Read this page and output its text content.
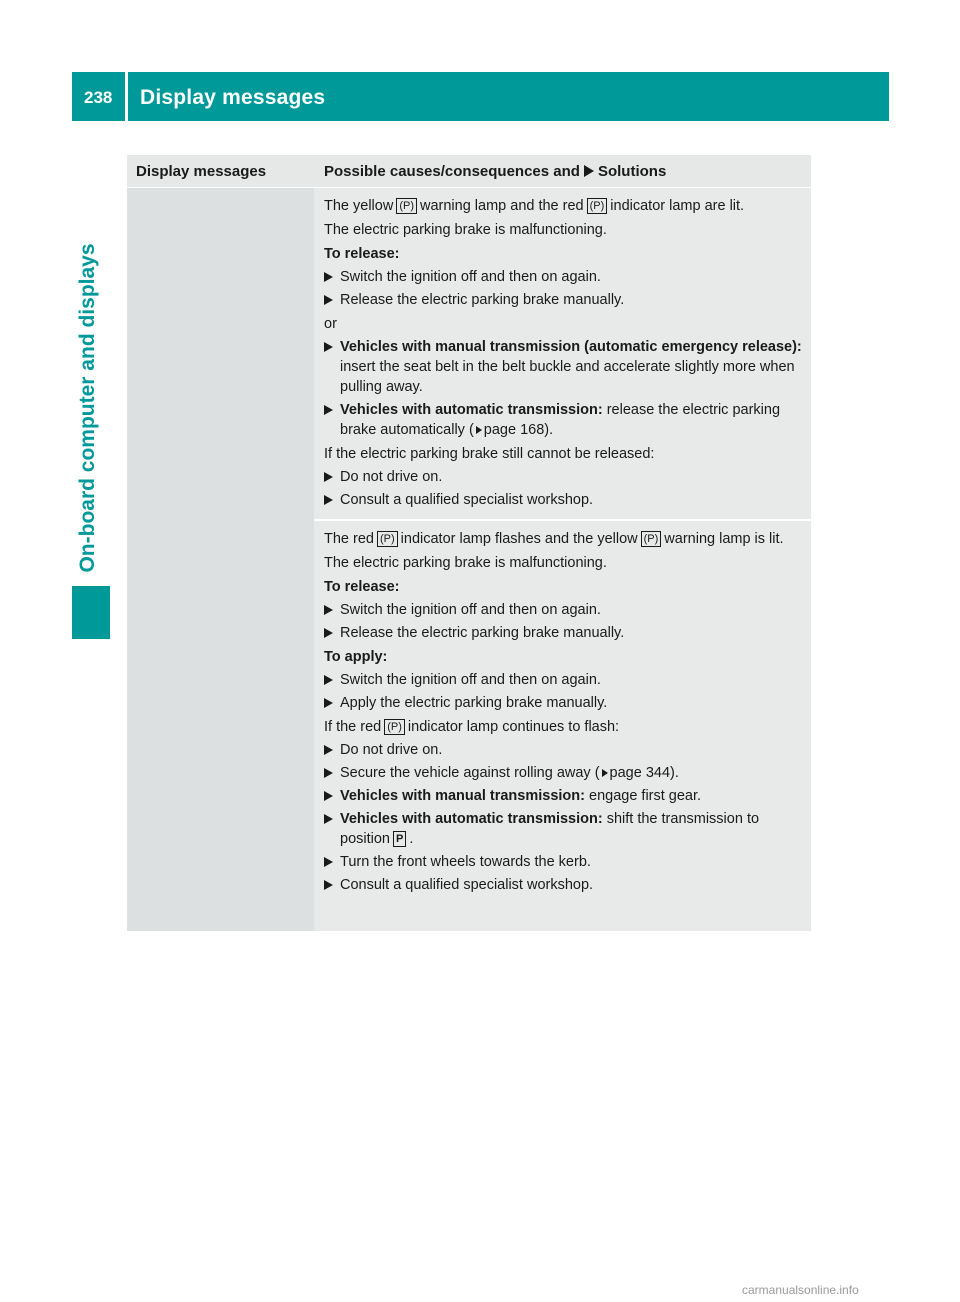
238 Display messages
On-board computer and displays
Display messages	Possible causes/consequences and Solutions

The yellow (P) warning lamp and the red (P) indicator lamp are lit.

The electric parking brake is malfunctioning.

To release:

Switch the ignition off and then on again.
Release the electric parking brake manually.

or

Vehicles with manual transmission (automatic emergency release): insert the seat belt in the belt buckle and accelerate slightly more when pulling away.
Vehicles with automatic transmission: release the electric parking brake automatically ( page 168).

If the electric parking brake still cannot be released:

Do not drive on.
Consult a qualified specialist workshop.

The red (P) indicator lamp flashes and the yellow (P) warning lamp is lit.

The electric parking brake is malfunctioning.

To release:

Switch the ignition off and then on again.
Release the electric parking brake manually.

To apply:

Switch the ignition off and then on again.
Apply the electric parking brake manually.

If the red (P) indicator lamp continues to flash:

Do not drive on.
Secure the vehicle against rolling away ( page 344).
Vehicles with manual transmission: engage first gear.
Vehicles with automatic transmission: shift the transmission to position P .
Turn the front wheels towards the kerb.
Consult a qualified specialist workshop.
carmanualsonline.info
